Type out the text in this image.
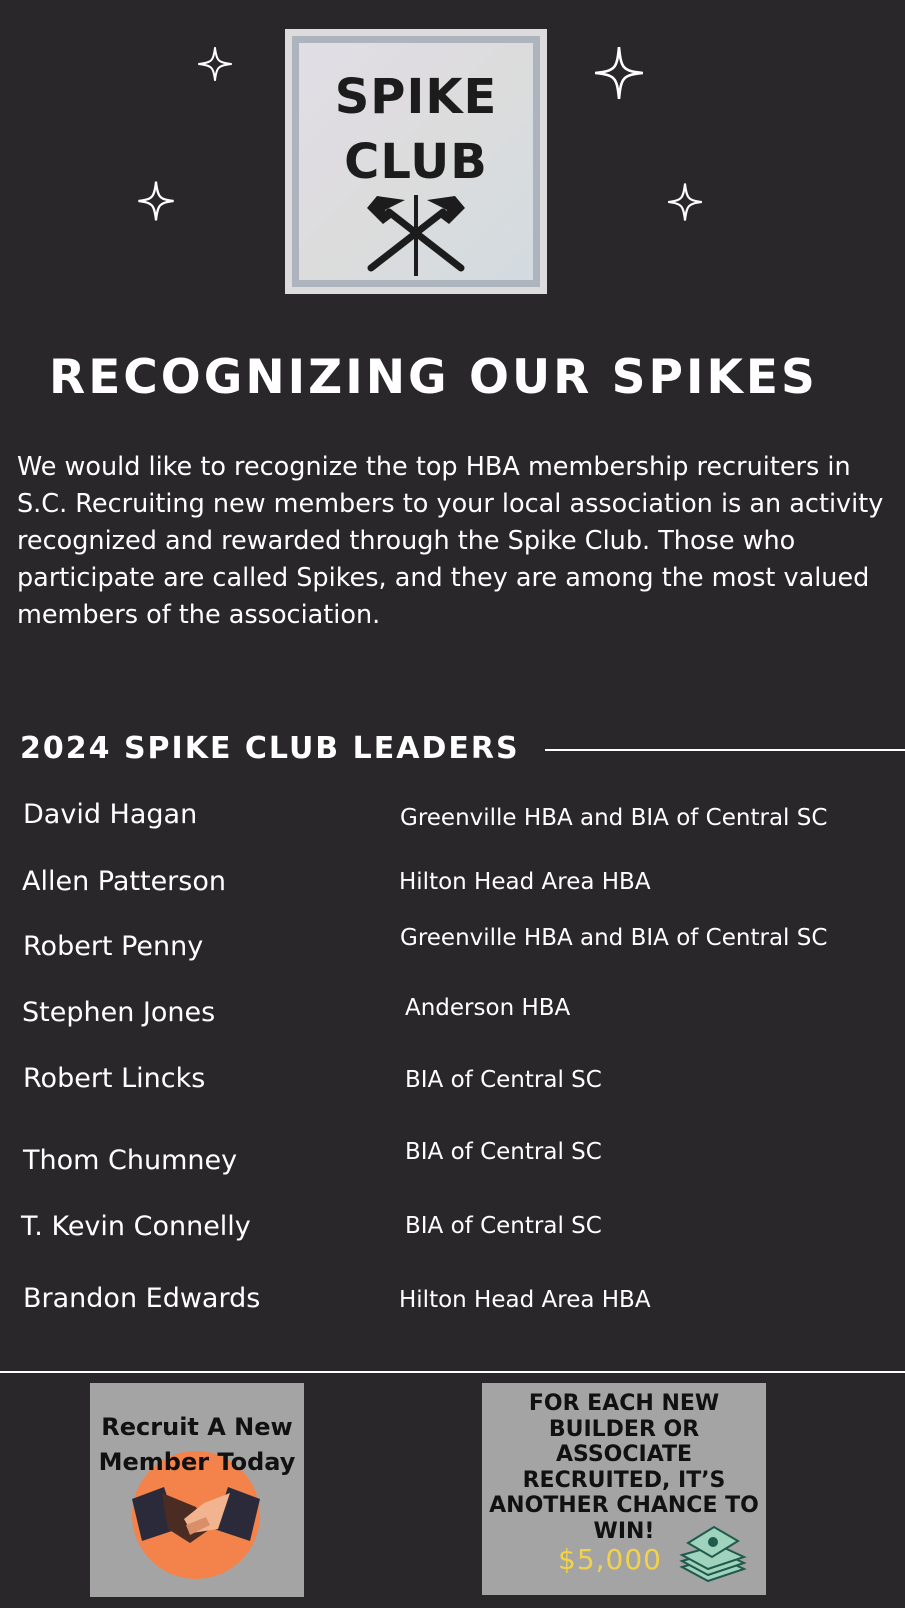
SPIKE
CLUB
RECOGNIZING OUR SPIKES
We would like to recognize the top HBA membership recruiters in S.C. Recruiting new members to your local association is an activity recognized and rewarded through the Spike Club. Those who participate are called Spikes, and they are among the most valued members of the association.
2024 SPIKE CLUB LEADERS
David Hagan	Greenville HBA and BIA of Central SC
Allen Patterson	Hilton Head Area HBA
Robert Penny	Greenville HBA and BIA of Central SC
Stephen Jones	Anderson HBA
Robert Lincks	BIA of Central SC
Thom Chumney	BIA of Central SC
T. Kevin Connelly	BIA of Central SC
Brandon Edwards	Hilton Head Area HBA
Recruit A New
Member Today
FOR EACH NEW BUILDER OR ASSOCIATE RECRUITED, IT’S ANOTHER CHANCE TO WIN!
$5,000
